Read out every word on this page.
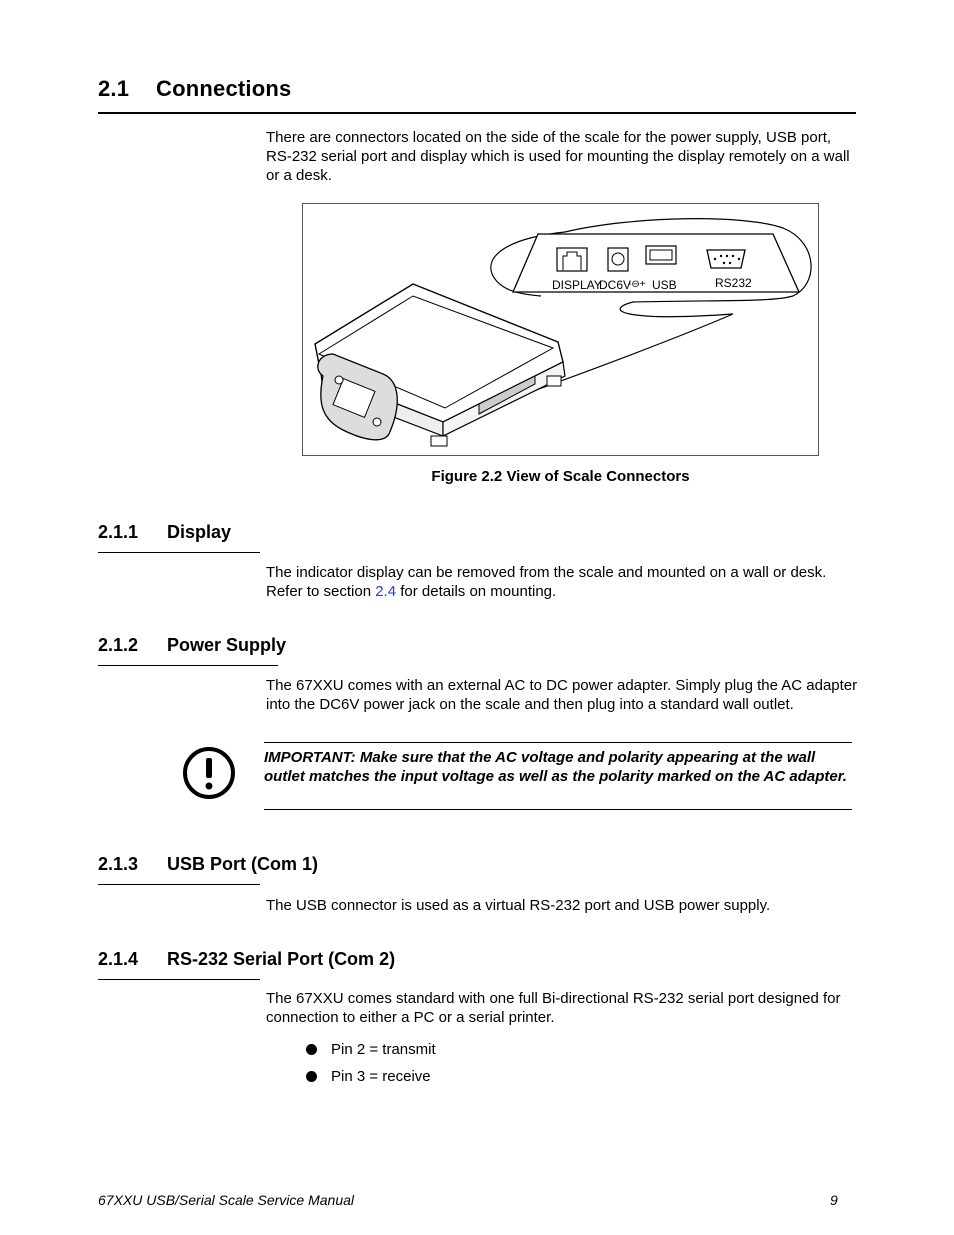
2.1 Connections
There are connectors located on the side of the scale for the power supply, USB port, RS-232 serial port and display which is used for mounting the display remotely on a wall or a desk.
DISPLAY
DC6V
-⊖+ USB	RS232
Figure 2.2 View of Scale Connectors
2.1.1 Display
The indicator display can be removed from the scale and mounted on a wall or desk. Refer to section 2.4 for details on mounting.
2.1.2 Power Supply
The 67XXU comes with an external AC to DC power adapter. Simply plug the AC adapter into the DC6V power jack on the scale and then plug into a standard wall outlet.
IMPORTANT: Make sure that the AC voltage and polarity appearing at the wall outlet matches the input voltage as well as the polarity marked on the AC adapter.
2.1.3 USB Port (Com 1)
The USB connector is used as a virtual RS-232 port and USB power supply.
2.1.4 RS-232 Serial Port (Com 2)
The 67XXU comes standard with one full Bi-directional RS-232 serial port designed for connection to either a PC or a serial printer.
Pin 2 = transmit
Pin 3 = receive
67XXU USB/Serial Scale Service Manual	9
